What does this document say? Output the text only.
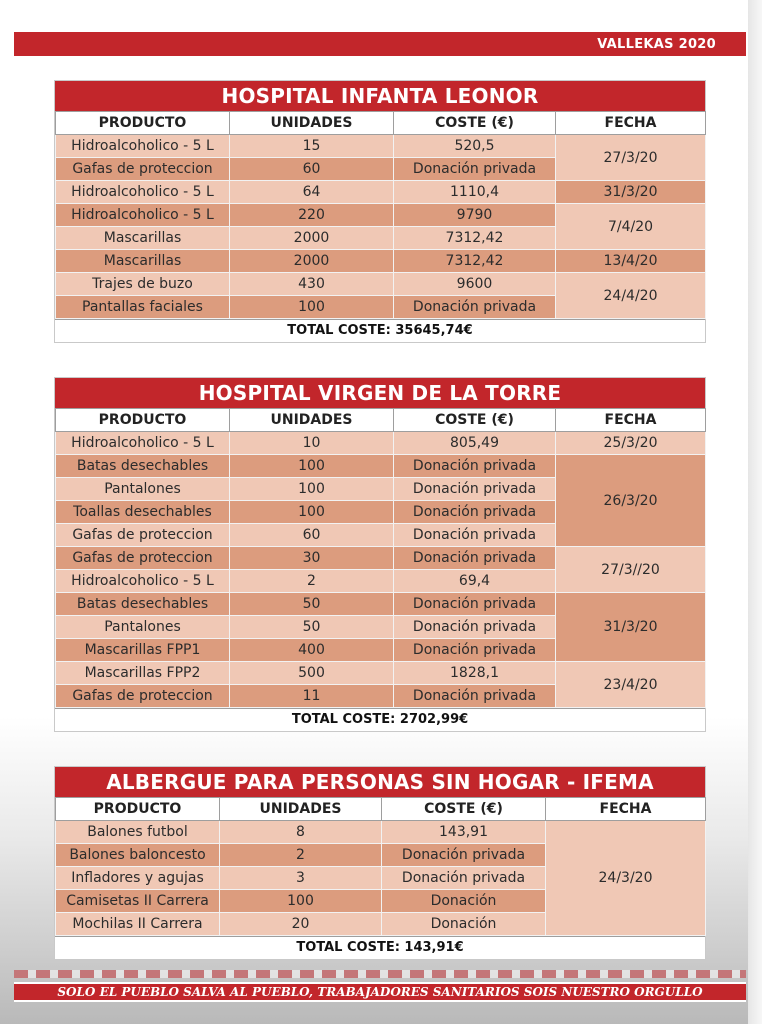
VALLEKAS 2020
HOSPITAL INFANTA LEONOR
PRODUCTO	UNIDADES	COSTE (€)	FECHA
Hidroalcoholico - 5 L	15	520,5	27/3/20
Gafas de proteccion	60	Donación privada	
Hidroalcoholico - 5 L	64	1110,4	31/3/20
Hidroalcoholico - 5 L	220	9790	7/4/20
Mascarillas	2000	7312,42	
Mascarillas	2000	7312,42	13/4/20
Trajes de buzo	430	9600	24/4/20
Pantallas faciales	100	Donación privada	
TOTAL COSTE: 35645,74€
HOSPITAL VIRGEN DE LA TORRE
PRODUCTO	UNIDADES	COSTE (€)	FECHA
Hidroalcoholico - 5 L	10	805,49	25/3/20
Batas desechables	100	Donación privada	26/3/20
Pantalones	100	Donación privada	
Toallas desechables	100	Donación privada	
Gafas de proteccion	60	Donación privada	
Gafas de proteccion	30	Donación privada	27/3//20
Hidroalcoholico - 5 L	2	69,4	
Batas desechables	50	Donación privada	31/3/20
Pantalones	50	Donación privada	
Mascarillas FPP1	400	Donación privada	
Mascarillas FPP2	500	1828,1	23/4/20
Gafas de proteccion	11	Donación privada	
TOTAL COSTE: 2702,99€
ALBERGUE PARA PERSONAS SIN HOGAR - IFEMA
PRODUCTO	UNIDADES	COSTE (€)	FECHA
Balones futbol	8	143,91	24/3/20
Balones baloncesto	2	Donación privada	
Infladores y agujas	3	Donación privada	
Camisetas II Carrera	100	Donación	
Mochilas II Carrera	20	Donación	
TOTAL COSTE: 143,91€
SOLO EL PUEBLO SALVA AL PUEBLO, TRABAJADORES SANITARIOS SOIS NUESTRO ORGULLO
